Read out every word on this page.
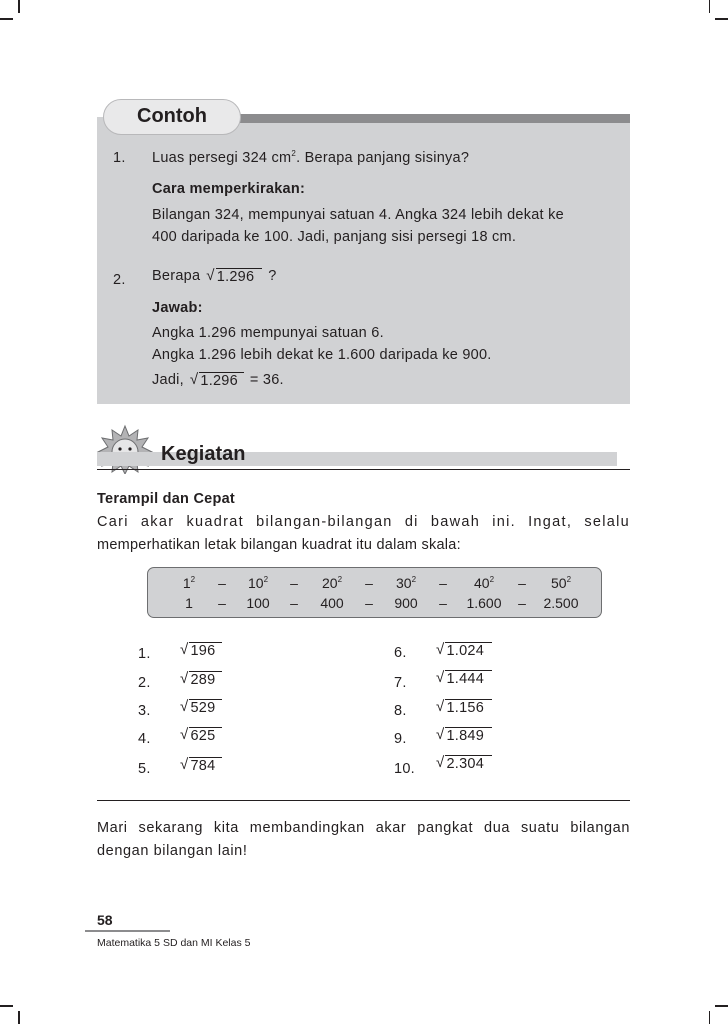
Contoh
1. Luas persegi 324 $cm^2$. Berapa panjang sisinya?
Cara memperkirakan:
Bilangan 324, mempunyai satuan 4. Angka 324 lebih dekat ke
400 daripada ke 100. Jadi, panjang sisi persegi 18 cm.
2. Berapa √ 1.296 ?
Jawab:
Angka 1.296 mempunyai satuan 6.
Angka 1.296 lebih dekat ke 1.600 daripada ke 900.
Jadi, √ 1.296 = 36.
Kegiatan
Terampil dan Cepat
Cari akar kuadrat bilangan-bilangan di bawah ini. Ingat, selalu
memperhatikan letak bilangan kuadrat itu dalam skala:
$1^2$	–	$10^2$	–	$20^2$	–	$30^2$	–	$40^2$	–	$50^2$
1	–	100	–	400	–	900	–	1.600	–	2.500
1. √ 196
2. √ 289
3. √ 529
4. √ 625
5. √ 784
6. √ 1.024
7. √ 1.444
8. √ 1.156
9. √ 1.849
10. √ 2.304
Mari sekarang kita membandingkan akar pangkat dua suatu bilangan
dengan bilangan lain!
58
Matematika 5 SD dan MI Kelas 5
